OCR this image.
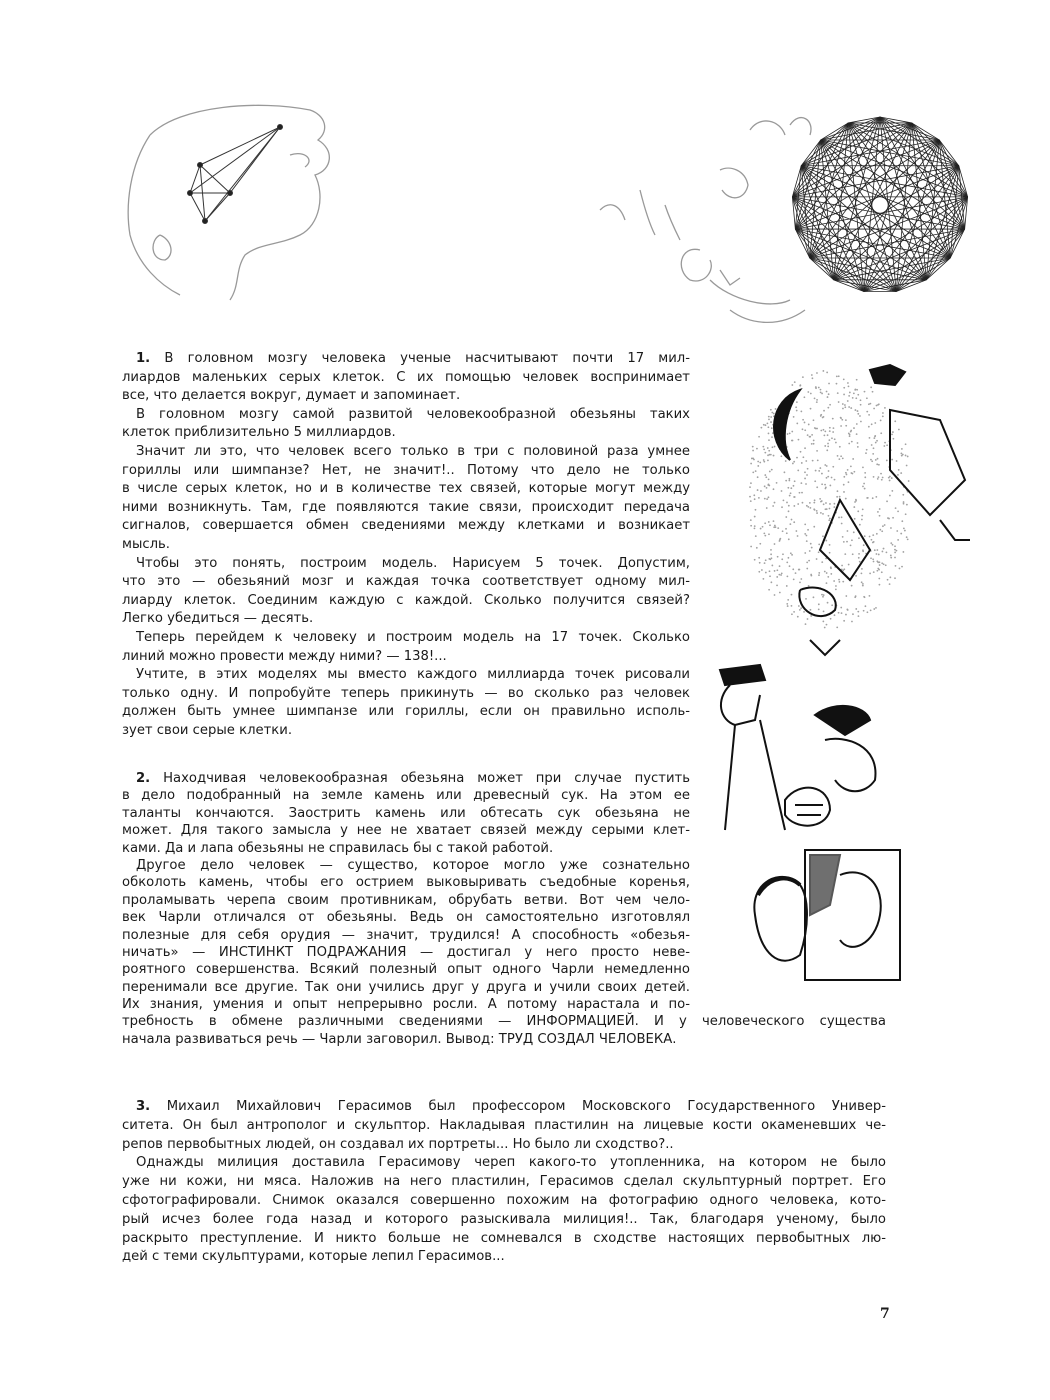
1. В головном мозгу человека ученые насчитывают почти 17 мил-
лиардов маленьких серых клеток. С их помощью человек воспринимает
все, что делается вокруг, думает и запоминает.
В головном мозгу самой развитой человекообразной обезьяны таких
клеток приблизительно 5 миллиардов.
Значит ли это, что человек всего только в три с половиной раза умнее
гориллы или шимпанзе? Нет, не значит!.. Потому что дело не только
в числе серых клеток, но и в количестве тех связей, которые могут между
ними возникнуть. Там, где появляются такие связи, происходит передача
сигналов, совершается обмен сведениями между клетками и возникает
мысль.
Чтобы это понять, построим модель. Нарисуем 5 точек. Допустим,
что это — обезьяний мозг и каждая точка соответствует одному мил-
лиарду клеток. Соединим каждую с каждой. Сколько получится связей?
Легко убедиться — десять.
Теперь перейдем к человеку и построим модель на 17 точек. Сколько
линий можно провести между ними? — 138!...
Учтите, в этих моделях мы вместо каждого миллиарда точек рисовали
только одну. И попробуйте теперь прикинуть — во сколько раз человек
должен быть умнее шимпанзе или гориллы, если он правильно исполь-
зует свои серые клетки.
2. Находчивая человекообразная обезьяна может при случае пустить
в дело подобранный на земле камень или древесный сук. На этом ее
таланты кончаются. Заострить камень или обтесать сук обезьяна не
может. Для такого замысла у нее не хватает связей между серыми клет-
ками. Да и лапа обезьяны не справилась бы с такой работой.
Другое дело человек — существо, которое могло уже сознательно
обколоть камень, чтобы его острием выковыривать съедобные коренья,
проламывать черепа своим противникам, обрубать ветви. Вот чем чело-
век Чарли отличался от обезьяны. Ведь он самостоятельно изготовлял
полезные для себя орудия — значит, трудился! А способность «обезья-
ничать» — ИНСТИНКТ ПОДРАЖАНИЯ — достигал у него просто неве-
роятного совершенства. Всякий полезный опыт одного Чарли немедленно
перенимали все другие. Так они учились друг у друга и учили своих детей.
Их знания, умения и опыт непрерывно росли. А потому нарастала и по-
требность в обмене различными сведениями — ИНФОРМАЦИЕЙ. И у человеческого существа
начала развиваться речь — Чарли заговорил. Вывод: ТРУД СОЗДАЛ ЧЕЛОВЕКА.
3. Михаил Михайлович Герасимов был профессором Московского Государственного Универ-
ситета. Он был антрополог и скульптор. Накладывая пластилин на лицевые кости окаменевших че-
репов первобытных людей, он создавал их портреты... Но было ли сходство?..
Однажды милиция доставила Герасимову череп какого-то утопленника, на котором не было
уже ни кожи, ни мяса. Наложив на него пластилин, Герасимов сделал скульптурный портрет. Его
сфотографировали. Снимок оказался совершенно похожим на фотографию одного человека, кото-
рый исчез более года назад и которого разыскивала милиция!.. Так, благодаря ученому, было
раскрыто преступление. И никто больше не сомневался в сходстве настоящих первобытных лю-
дей с теми скульптурами, которые лепил Герасимов...
7
